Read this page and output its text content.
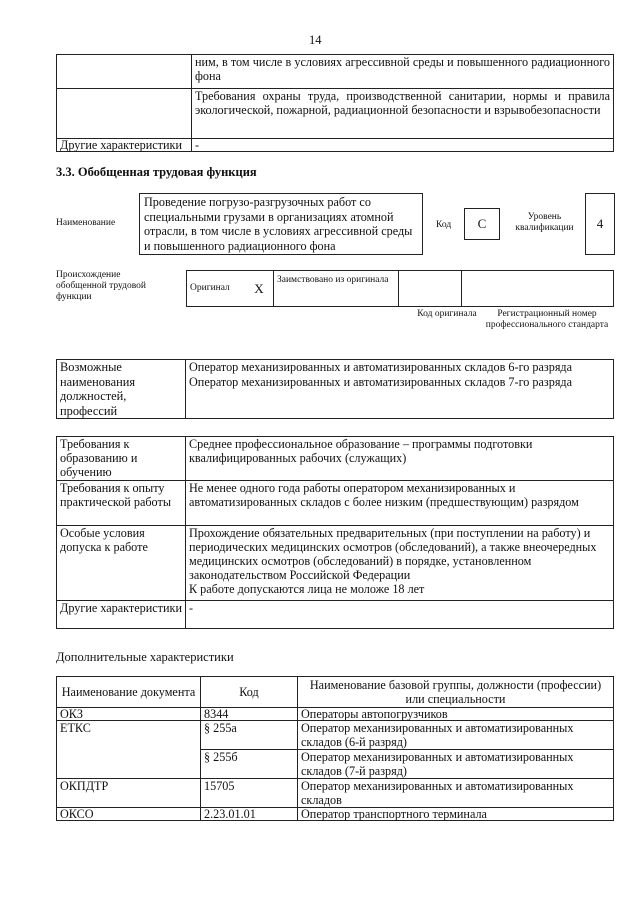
14
	ним, в том числе в условиях агрессивной среды и повышенного радиационного фона
	Требования охраны труда, производственной санитарии, нормы и правила экологической, пожарной, радиационной безопасности и взрывобезопасности
Другие характеристики	-
3.3. Обобщенная трудовая функция
Наименование
Проведение погрузо-разгрузочных работ со специальными грузами в организациях атомной отрасли, в том числе в условиях агрессивной среды и повышенного радиационного фона
Код	C	Уровень квалификации	4
Происхождение обобщенной трудовой функции
Оригинал	X	Заимствовано из оригинала		
Код оригинала	Регистрационный номер профессионального стандарта
Возможные наименования должностей, профессий	
Оператор механизированных и автоматизированных складов 6-го разряда
Оператор механизированных и автоматизированных складов 7-го разряда
Требования к образованию и обучению	Среднее профессиональное образование – программы подготовки квалифицированных рабочих (служащих)
Требования к опыту практической работы	Не менее одного года работы оператором механизированных и автоматизированных складов с более низким (предшествующим) разрядом
Особые условия допуска к работе	Прохождение обязательных предварительных (при поступлении на работу) и периодических медицинских осмотров (обследований), а также внеочередных медицинских осмотров (обследований) в порядке, установленном законодательством Российской Федерации
К работе допускаются лица не моложе 18 лет

Другие характеристики	-
Дополнительные характеристики
Наименование документа	Код	Наименование базовой группы, должности (профессии) или специальности
ОКЗ	8344	Операторы автопогрузчиков
ЕТКС	§ 255а	Оператор механизированных и автоматизированных складов (6-й разряд)
	§ 255б	Оператор механизированных и автоматизированных складов (7-й разряд)
ОКПДТР	15705	Оператор механизированных и автоматизированных складов
ОКСО	2.23.01.01	Оператор транспортного терминала
